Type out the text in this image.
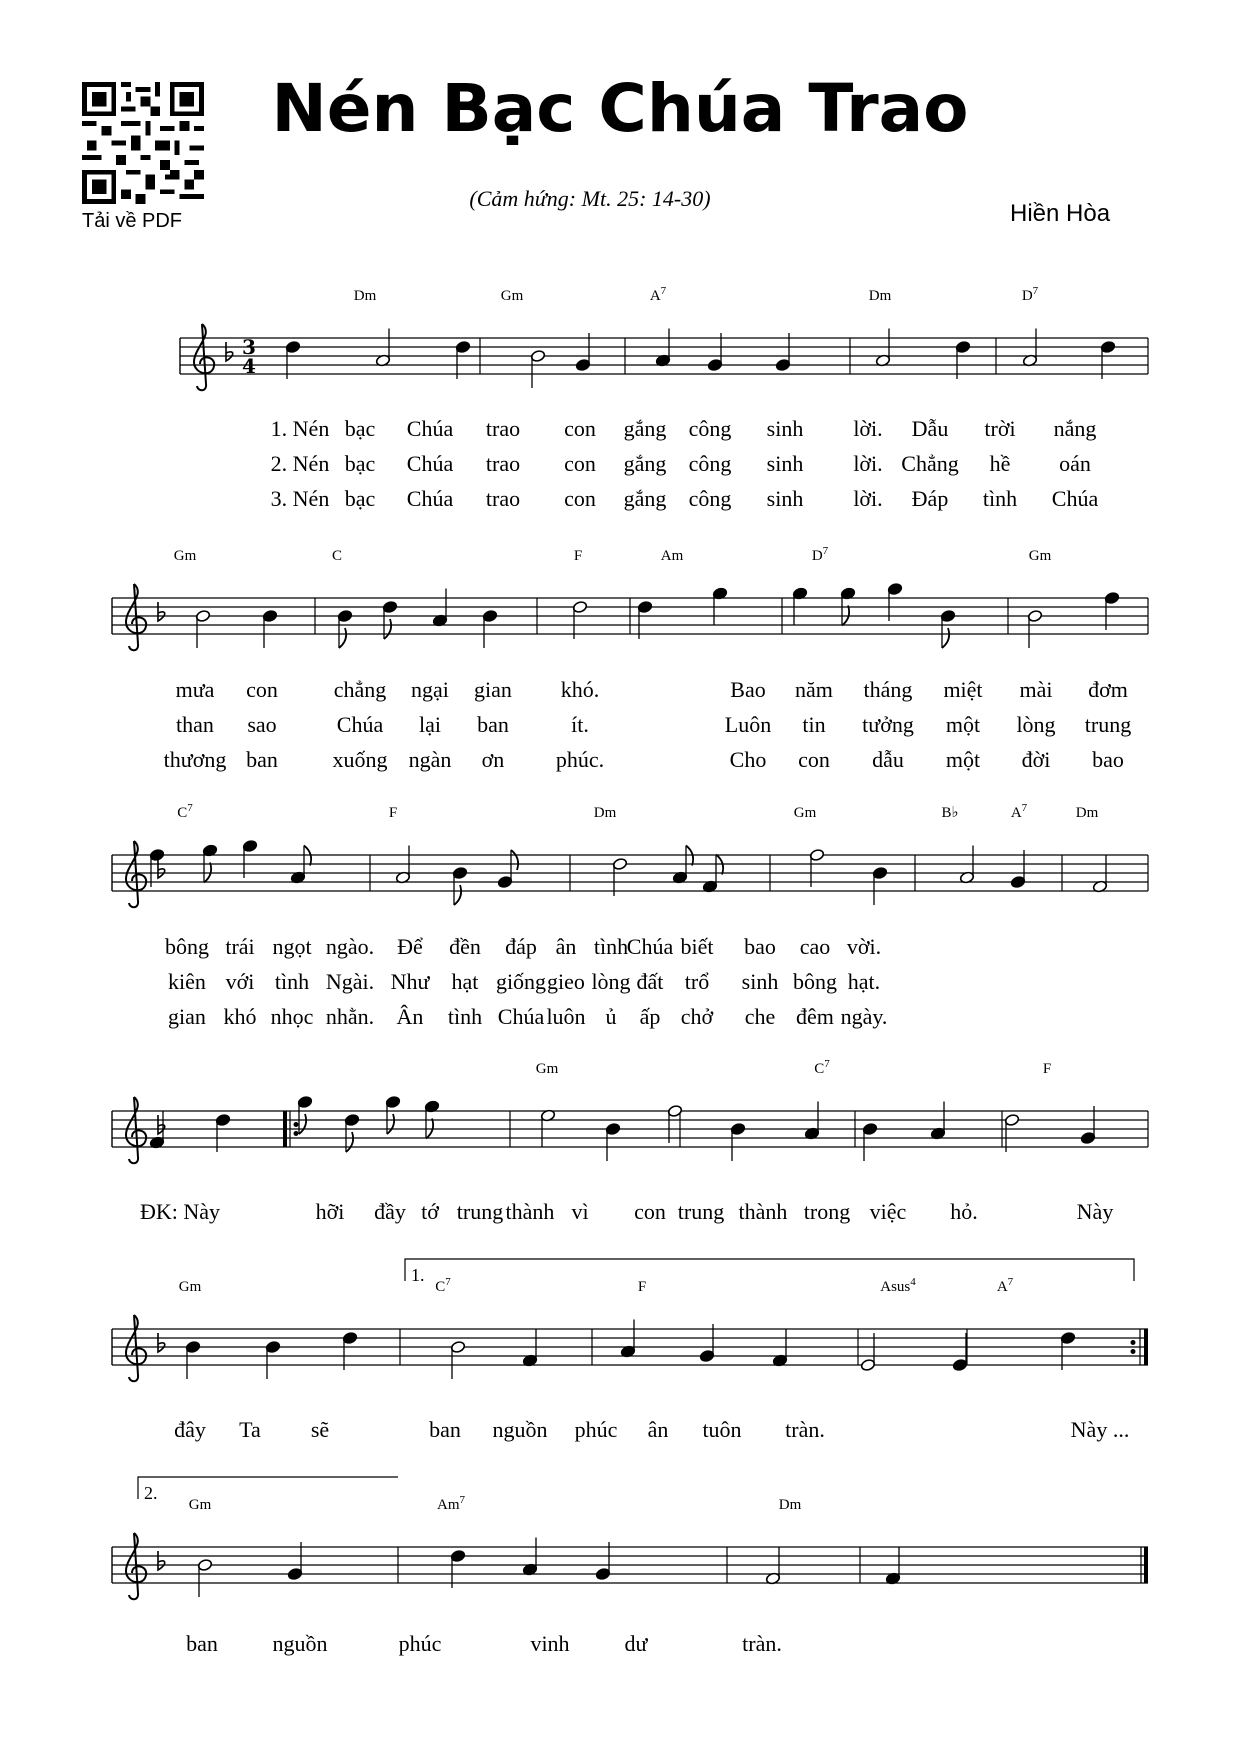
Tải về PDF
Nén Bạc Chúa Trao
(Cảm hứng: Mt. 25: 14-30)
Hiền Hòa
3
4
Dm	Gm	$A^7$	Dm	$D^7$
1. Nén bạc Chúa trao con gắng công sinh lời. Dẫu trời nắng
2. Nén bạc Chúa trao con gắng công sinh lời. Chẳng hề oán
3. Nén bạc Chúa trao con gắng công sinh lời. Đáp tình Chúa
Gm	C	F	Am	$D^7$	Gm
mưa con	chẳng ngại gian khó.	Bao năm tháng miệt mài đơm
than sao	Chúa lại ban	ít.	Luôn tin tưởng một lòng trung
thương ban xuống ngàn ơn phúc.	Cho con dẫu một đời bao
$C^7$	F	Dm	Gm	B♭	$A^7$	Dm
bông trái ngọt ngào. Để đền đáp ân tình
Chúa biết bao cao vời.
kiên với tình Ngài. Như hạt giống gieo lòng đất trổ sinh bông hạt.
gian khó nhọc nhằn. Ân tình Chúa luôn ủ ấp chở che đêm ngày.
Gm	$C^7$	F
ĐK: Này	hỡi đầy tớ trung thành vì con trung thành trong việc hỏ.	Này
1.
Gm	$C^7$	F	Asus$^4$	$A^7$
đây Ta sẽ	ban nguồn phúc ân tuôn tràn.	Này ...
2.
Gm	Am$^7$	Dm
ban nguồn	phúc	vinh dư	tràn.
